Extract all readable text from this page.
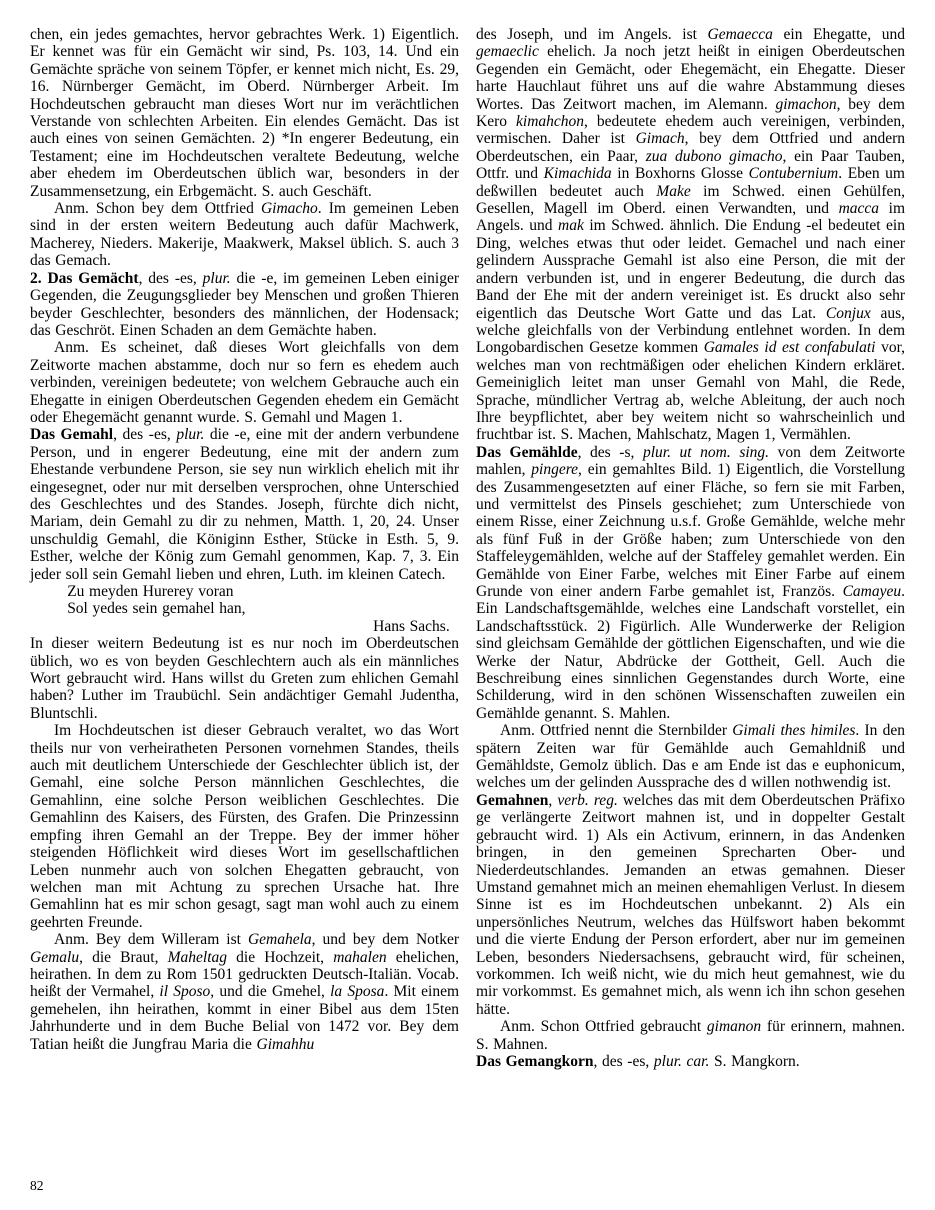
chen, ein jedes gemachtes, hervor gebrachtes Werk. 1) Eigentlich. Er kennet was für ein Gemächt wir sind, Ps. 103, 14. Und ein Gemächte spräche von seinem Töpfer, er kennet mich nicht, Es. 29, 16. Nürnberger Gemächt, im Oberd. Nürnberger Arbeit. Im Hochdeutschen gebraucht man dieses Wort nur im verächtlichen Verstande von schlechten Arbeiten. Ein elendes Gemächt. Das ist auch eines von seinen Gemächten. 2) *In engerer Bedeutung, ein Testament; eine im Hochdeutschen veraltete Bedeutung, welche aber ehedem im Oberdeutschen üblich war, besonders in der Zusammensetzung, ein Erbgemächt. S. auch Geschäft.

Anm. Schon bey dem Ottfried Gimacho. Im gemeinen Leben sind in der ersten weitern Bedeutung auch dafür Machwerk, Macherey, Nieders. Makerije, Maakwerk, Maksel üblich. S. auch 3 das Gemach.

2. Das Gemächt, des -es, plur. die -e, im gemeinen Leben einiger Gegenden, die Zeugungsglieder bey Menschen und großen Thieren beyder Geschlechter, besonders des männlichen, der Hodensack; das Geschröt. Einen Schaden an dem Gemächte haben.

Anm. Es scheinet, daß dieses Wort gleichfalls von dem Zeitworte machen abstamme, doch nur so fern es ehedem auch verbinden, vereinigen bedeutete; von welchem Gebrauche auch ein Ehegatte in einigen Oberdeutschen Gegenden ehedem ein Gemächt oder Ehegemächt genannt wurde. S. Gemahl und Magen 1.

Das Gemahl, des -es, plur. die -e, eine mit der andern verbundene Person, und in engerer Bedeutung, eine mit der andern zum Ehestande verbundene Person, sie sey nun wirklich ehelich mit ihr eingesegnet, oder nur mit derselben versprochen, ohne Unterschied des Geschlechtes und des Standes. Joseph, fürchte dich nicht, Mariam, dein Gemahl zu dir zu nehmen, Matth. 1, 20, 24. Unser unschuldig Gemahl, die Königinn Esther, Stücke in Esth. 5, 9. Esther, welche der König zum Gemahl genommen, Kap. 7, 3. Ein jeder soll sein Gemahl lieben und ehren, Luth. im kleinen Catech.

Zu meyden Hurerey voran

Sol yedes sein gemahel han,

Hans Sachs.

In dieser weitern Bedeutung ist es nur noch im Oberdeutschen üblich, wo es von beyden Geschlechtern auch als ein männliches Wort gebraucht wird. Hans willst du Greten zum ehlichen Gemahl haben? Luther im Traubüchl. Sein andächtiger Gemahl Judentha, Bluntschli.

Im Hochdeutschen ist dieser Gebrauch veraltet, wo das Wort theils nur von verheiratheten Personen vornehmen Standes, theils auch mit deutlichem Unterschiede der Geschlechter üblich ist, der Gemahl, eine solche Person männlichen Geschlechtes, die Gemahlinn, eine solche Person weiblichen Geschlechtes. Die Gemahlinn des Kaisers, des Fürsten, des Grafen. Die Prinzessinn empfing ihren Gemahl an der Treppe. Bey der immer höher steigenden Höflichkeit wird dieses Wort im gesellschaftlichen Leben nunmehr auch von solchen Ehegatten gebraucht, von welchen man mit Achtung zu sprechen Ursache hat. Ihre Gemahlinn hat es mir schon gesagt, sagt man wohl auch zu einem geehrten Freunde.

Anm. Bey dem Willeram ist Gemahela, und bey dem Notker Gemalu, die Braut, Maheltag die Hochzeit, mahalen ehelichen, heirathen. In dem zu Rom 1501 gedruckten Deutsch-Italiän. Vocab. heißt der Vermahel, il Sposo, und die Gmehel, la Sposa. Mit einem gemehelen, ihn heirathen, kommt in einer Bibel aus dem 15ten Jahrhunderte und in dem Buche Belial von 1472 vor. Bey dem Tatian heißt die Jungfrau Maria die Gimahhu

des Joseph, und im Angels. ist Gemaecca ein Ehegatte, und gemaeclic ehelich. Ja noch jetzt heißt in einigen Oberdeutschen Gegenden ein Gemächt, oder Ehegemächt, ein Ehegatte. Dieser harte Hauchlaut führet uns auf die wahre Abstammung dieses Wortes. Das Zeitwort machen, im Alemann. gimachon, bey dem Kero kimahchon, bedeutete ehedem auch vereinigen, verbinden, vermischen. Daher ist Gimach, bey dem Ottfried und andern Oberdeutschen, ein Paar, zua dubono gimacho, ein Paar Tauben, Ottfr. und Kimachida in Boxhorns Glosse Contubernium. Eben um deßwillen bedeutet auch Make im Schwed. einen Gehülfen, Gesellen, Magell im Oberd. einen Verwandten, und macca im Angels. und mak im Schwed. ähnlich. Die Endung -el bedeutet ein Ding, welches etwas thut oder leidet. Gemachel und nach einer gelindern Aussprache Gemahl ist also eine Person, die mit der andern verbunden ist, und in engerer Bedeutung, die durch das Band der Ehe mit der andern vereiniget ist. Es druckt also sehr eigentlich das Deutsche Wort Gatte und das Lat. Conjux aus, welche gleichfalls von der Verbindung entlehnet worden. In dem Longobardischen Gesetze kommen Gamales id est confabulati vor, welches man von rechtmäßigen oder ehelichen Kindern erkläret. Gemeiniglich leitet man unser Gemahl von Mahl, die Rede, Sprache, mündlicher Vertrag ab, welche Ableitung, der auch noch Ihre beypflichtet, aber bey weitem nicht so wahrscheinlich und fruchtbar ist. S. Machen, Mahlschatz, Magen 1, Vermählen.

Das Gemählde, des -s, plur. ut nom. sing. von dem Zeitworte mahlen, pingere, ein gemahltes Bild. 1) Eigentlich, die Vorstellung des Zusammengesetzten auf einer Fläche, so fern sie mit Farben, und vermittelst des Pinsels geschiehet; zum Unterschiede von einem Risse, einer Zeichnung u.s.f. Große Gemählde, welche mehr als fünf Fuß in der Größe haben; zum Unterschiede von den Staffeleygemählden, welche auf der Staffeley gemahlet werden. Ein Gemählde von Einer Farbe, welches mit Einer Farbe auf einem Grunde von einer andern Farbe gemahlet ist, Französ. Camayeu. Ein Landschaftsgemählde, welches eine Landschaft vorstellet, ein Landschaftsstück. 2) Figürlich. Alle Wunderwerke der Religion sind gleichsam Gemählde der göttlichen Eigenschaften, und wie die Werke der Natur, Abdrücke der Gottheit, Gell. Auch die Beschreibung eines sinnlichen Gegenstandes durch Worte, eine Schilderung, wird in den schönen Wissenschaften zuweilen ein Gemählde genannt. S. Mahlen.

Anm. Ottfried nennt die Sternbilder Gimali thes himiles. In den spätern Zeiten war für Gemählde auch Gemahldniß und Gemähldste, Gemolz üblich. Das e am Ende ist das e euphonicum, welches um der gelinden Aussprache des d willen nothwendig ist.

Gemahnen, verb. reg. welches das mit dem Oberdeutschen Präfixo ge verlängerte Zeitwort mahnen ist, und in doppelter Gestalt gebraucht wird. 1) Als ein Activum, erinnern, in das Andenken bringen, in den gemeinen Sprecharten Ober- und Niederdeutschlandes. Jemanden an etwas gemahnen. Dieser Umstand gemahnet mich an meinen ehemahligen Verlust. In diesem Sinne ist es im Hochdeutschen unbekannt. 2) Als ein unpersönliches Neutrum, welches das Hülfswort haben bekommt und die vierte Endung der Person erfordert, aber nur im gemeinen Leben, besonders Niedersachsens, gebraucht wird, für scheinen, vorkommen. Ich weiß nicht, wie du mich heut gemahnest, wie du mir vorkommst. Es gemahnet mich, als wenn ich ihn schon gesehen hätte.

Anm. Schon Ottfried gebraucht gimanon für erinnern, mahnen. S. Mahnen.

Das Gemangkorn, des -es, plur. car. S. Mangkorn.

82
